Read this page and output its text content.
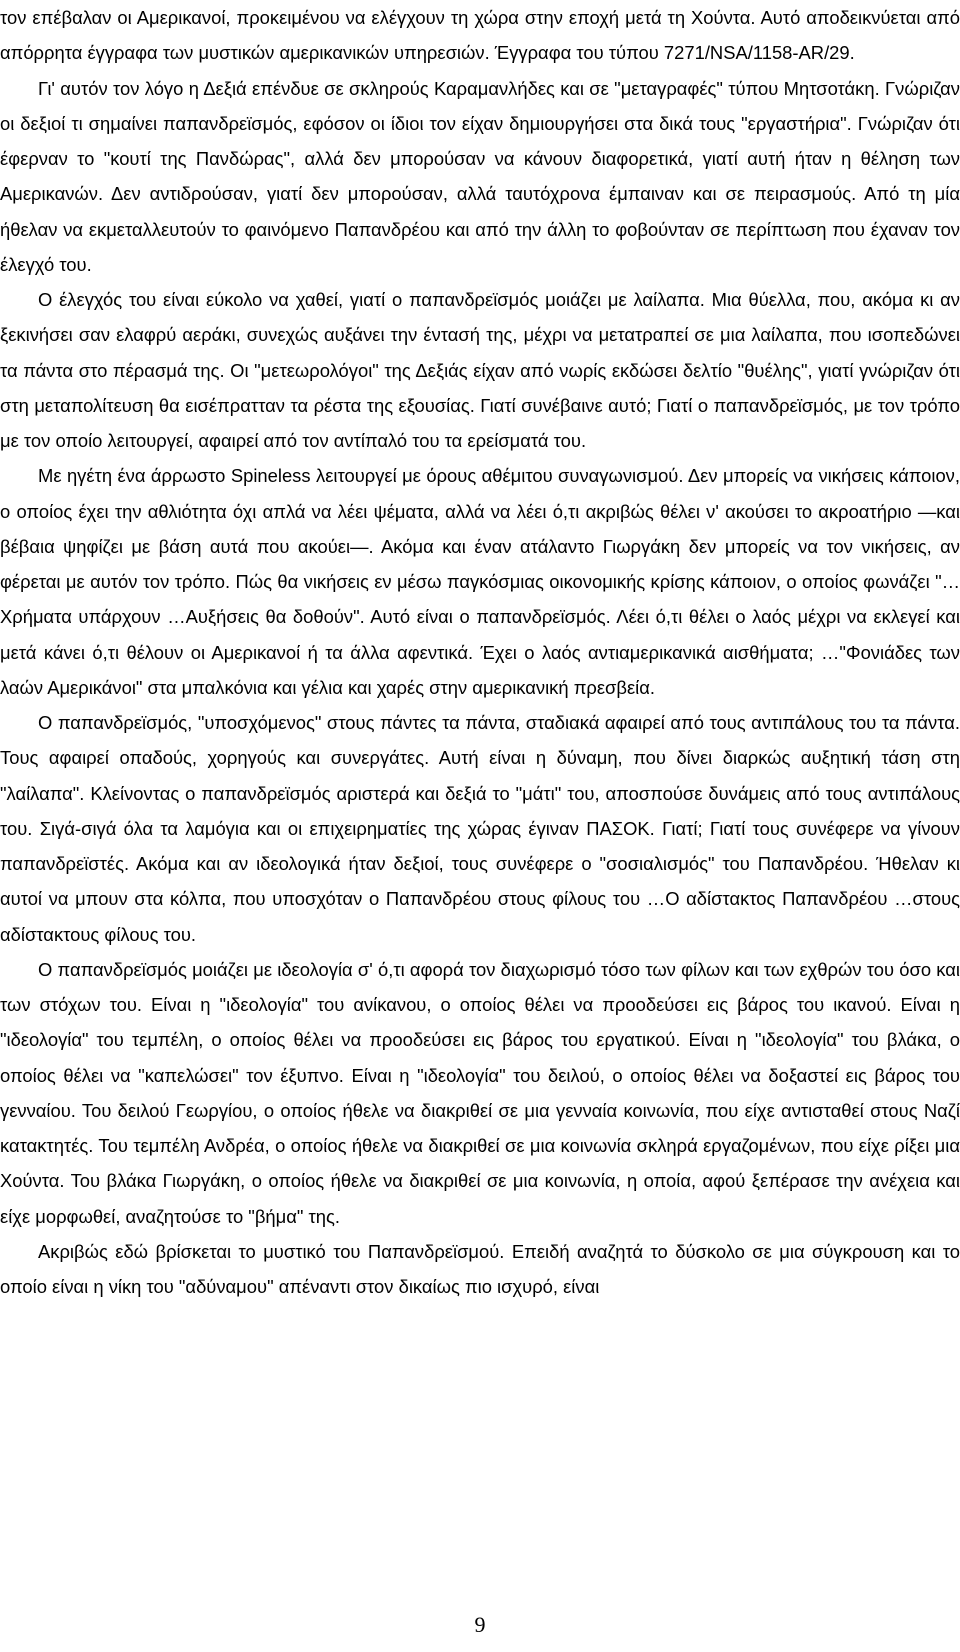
τον επέβαλαν οι Αμερικανοί, προκειμένου να ελέγχουν τη χώρα στην εποχή μετά τη Χούντα. Αυτό αποδεικνύεται από απόρρητα έγγραφα των μυστικών αμερικανικών υπηρεσιών. Έγγραφα του τύπου 7271/NSA/1158-AR/29.

Γι' αυτόν τον λόγο η Δεξιά επένδυε σε σκληρούς Καραμανλήδες και σε "μεταγραφές" τύπου Μητσοτάκη. Γνώριζαν οι δεξιοί τι σημαίνει παπανδρεϊσμός, εφόσον οι ίδιοι τον είχαν δημιουργήσει στα δικά τους "εργαστήρια". Γνώριζαν ότι έφερναν το "κουτί της Πανδώρας", αλλά δεν μπορούσαν να κάνουν διαφορετικά, γιατί αυτή ήταν η θέληση των Αμερικανών. Δεν αντιδρούσαν, γιατί δεν μπορούσαν, αλλά ταυτόχρονα έμπαιναν και σε πειρασμούς. Από τη μία ήθελαν να εκμεταλλευτούν το φαινόμενο Παπανδρέου και από την άλλη το φοβούνταν σε περίπτωση που έχαναν τον έλεγχό του.

Ο έλεγχός του είναι εύκολο να χαθεί, γιατί ο παπανδρεϊσμός μοιάζει με λαίλαπα. Μια θύελλα, που, ακόμα κι αν ξεκινήσει σαν ελαφρύ αεράκι, συνεχώς αυξάνει την έντασή της, μέχρι να μετατραπεί σε μια λαίλαπα, που ισοπεδώνει τα πάντα στο πέρασμά της. Οι "μετεωρολόγοι" της Δεξιάς είχαν από νωρίς εκδώσει δελτίο "θυέλης", γιατί γνώριζαν ότι στη μεταπολίτευση θα εισέπρατταν τα ρέστα της εξουσίας. Γιατί συνέβαινε αυτό; Γιατί ο παπανδρεϊσμός, με τον τρόπο με τον οποίο λειτουργεί, αφαιρεί από τον αντίπαλό του τα ερείσματά του.

Με ηγέτη ένα άρρωστο Spineless λειτουργεί με όρους αθέμιτου συναγωνισμού. Δεν μπορείς να νικήσεις κάποιον, ο οποίος έχει την αθλιότητα όχι απλά να λέει ψέματα, αλλά να λέει ό,τι ακριβώς θέλει ν' ακούσει το ακροατήριο —και βέβαια ψηφίζει με βάση αυτά που ακούει—. Ακόμα και έναν ατάλαντο Γιωργάκη δεν μπορείς να τον νικήσεις, αν φέρεται με αυτόν τον τρόπο. Πώς θα νικήσεις εν μέσω παγκόσμιας οικονομικής κρίσης κάποιον, ο οποίος φωνάζει "…Χρήματα υπάρχουν …Αυξήσεις θα δοθούν". Αυτό είναι ο παπανδρεϊσμός. Λέει ό,τι θέλει ο λαός μέχρι να εκλεγεί και μετά κάνει ό,τι θέλουν οι Αμερικανοί ή τα άλλα αφεντικά. Έχει ο λαός αντιαμερικανικά αισθήματα; …"Φονιάδες των λαών Αμερικάνοι" στα μπαλκόνια και γέλια και χαρές στην αμερικανική πρεσβεία.

Ο παπανδρεϊσμός, "υποσχόμενος" στους πάντες τα πάντα, σταδιακά αφαιρεί από τους αντιπάλους του τα πάντα. Τους αφαιρεί οπαδούς, χορηγούς και συνεργάτες. Αυτή είναι η δύναμη, που δίνει διαρκώς αυξητική τάση στη "λαίλαπα". Κλείνοντας ο παπανδρεϊσμός αριστερά και δεξιά το "μάτι" του, αποσπούσε δυνάμεις από τους αντιπάλους του. Σιγά-σιγά όλα τα λαμόγια και οι επιχειρηματίες της χώρας έγιναν ΠΑΣΟΚ. Γιατί; Γιατί τους συνέφερε να γίνουν παπανδρεϊστές. Ακόμα και αν ιδεολογικά ήταν δεξιοί, τους συνέφερε ο "σοσιαλισμός" του Παπανδρέου. Ήθελαν κι αυτοί να μπουν στα κόλπα, που υποσχόταν ο Παπανδρέου στους φίλους του …Ο αδίστακτος Παπανδρέου …στους αδίστακτους φίλους του.

Ο παπανδρεϊσμός μοιάζει με ιδεολογία σ' ό,τι αφορά τον διαχωρισμό τόσο των φίλων και των εχθρών του όσο και των στόχων του. Είναι η "ιδεολογία" του ανίκανου, ο οποίος θέλει να προοδεύσει εις βάρος του ικανού. Είναι η "ιδεολογία" του τεμπέλη, ο οποίος θέλει να προοδεύσει εις βάρος του εργατικού. Είναι η "ιδεολογία" του βλάκα, ο οποίος θέλει να "καπελώσει" τον έξυπνο. Είναι η "ιδεολογία" του δειλού, ο οποίος θέλει να δοξαστεί εις βάρος του γενναίου. Του δειλού Γεωργίου, ο οποίος ήθελε να διακριθεί σε μια γενναία κοινωνία, που είχε αντισταθεί στους Ναζί κατακτητές. Του τεμπέλη Ανδρέα, ο οποίος ήθελε να διακριθεί σε μια κοινωνία σκληρά εργαζομένων, που είχε ρίξει μια Χούντα. Του βλάκα Γιωργάκη, ο οποίος ήθελε να διακριθεί σε μια κοινωνία, η οποία, αφού ξεπέρασε την ανέχεια και είχε μορφωθεί, αναζητούσε το "βήμα" της.

Ακριβώς εδώ βρίσκεται το μυστικό του Παπανδρεϊσμού. Επειδή αναζητά το δύσκολο σε μια σύγκρουση και το οποίο είναι η νίκη του "αδύναμου" απέναντι στον δικαίως πιο ισχυρό, είναι

9
